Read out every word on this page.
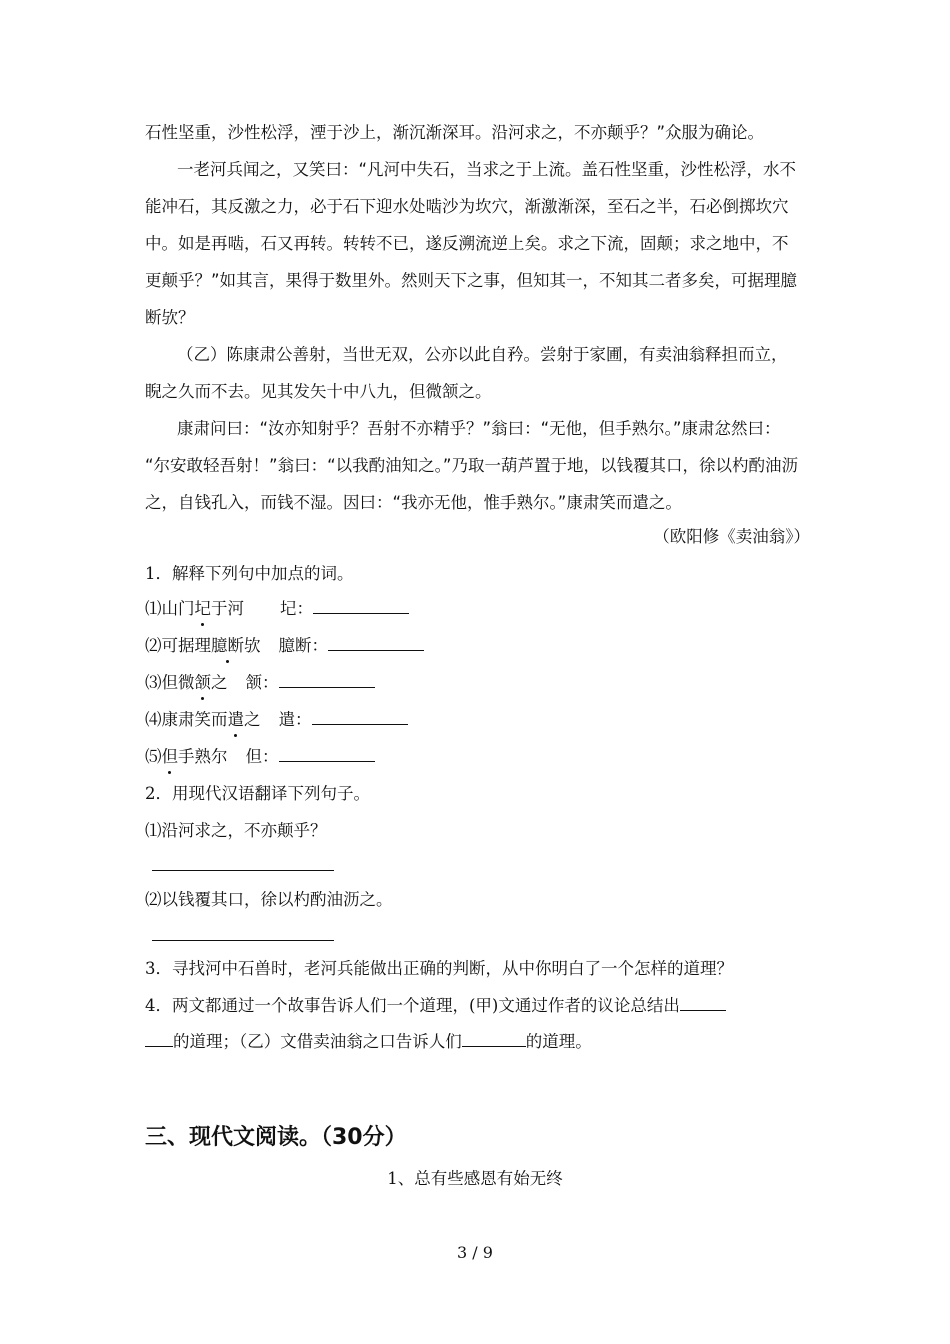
石性坚重，沙性松浮，湮于沙上，渐沉渐深耳。沿河求之，不亦颠乎？”众服为确论。
一老河兵闻之，又笑曰：“凡河中失石，当求之于上流。盖石性坚重，沙性松浮，水不
能冲石，其反激之力，必于石下迎水处啮沙为坎穴，渐激渐深，至石之半，石必倒掷坎穴
中。如是再啮，石又再转。转转不已，遂反溯流逆上矣。求之下流，固颠；求之地中，不
更颠乎？”如其言，果得于数里外。然则天下之事，但知其一，不知其二者多矣，可据理臆
断欤？
（乙）陈康肃公善射，当世无双，公亦以此自矜。尝射于家圃，有卖油翁释担而立，
睨之久而不去。见其发矢十中八九，但微颔之。
康肃问曰：“汝亦知射乎？吾射不亦精乎？”翁曰：“无他，但手熟尔。”康肃忿然曰：
“尔安敢轻吾射！”翁曰：“以我酌油知之。”乃取一葫芦置于地，以钱覆其口，徐以杓酌油沥
之，自钱孔入，而钱不湿。因曰：“我亦无他，惟手熟尔。”康肃笑而遣之。
（欧阳修《卖油翁》）
1．解释下列句中加点的词。
⑴山门圮于河 圮：
⑵可据理臆断欤 臆断：
⑶但微颔之 颔：
⑷康肃笑而遣之 遣：
⑸但手熟尔 但：
2．用现代汉语翻译下列句子。
⑴沿河求之，不亦颠乎？
⑵以钱覆其口，徐以杓酌油沥之。
3．寻找河中石兽时，老河兵能做出正确的判断，从中你明白了一个怎样的道理？
4．两文都通过一个故事告诉人们一个道理，(甲)文通过作者的议论总结出
的道理；（乙）文借卖油翁之口告诉人们	的道理。
三、现代文阅读。（30分）
1、总有些感恩有始无终
3 / 9
